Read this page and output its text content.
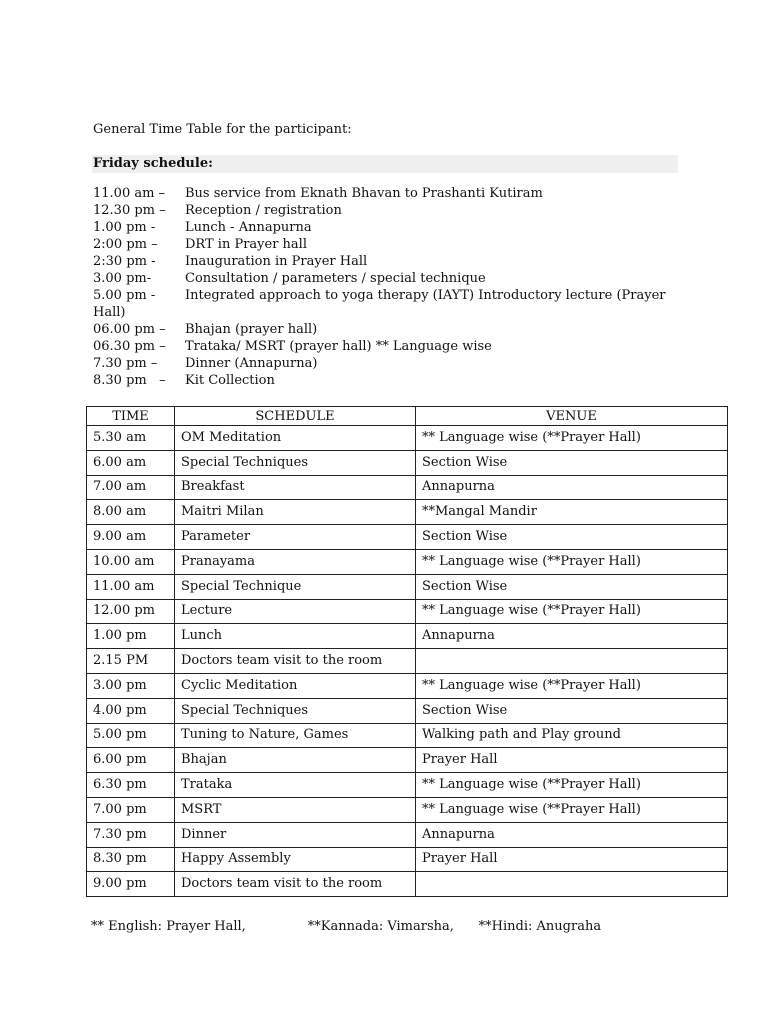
General Time Table for the participant:
Friday schedule:
11.00 am –	Bus service from Eknath Bhavan to Prashanti Kutiram
12.30 pm –	Reception / registration
1.00 pm -	Lunch - Annapurna
2:00 pm –	DRT in Prayer hall
2:30 pm -	Inauguration in Prayer Hall
3.00 pm-	Consultation / parameters / special technique
5.00 pm -	Integrated approach to yoga therapy (IAYT) Introductory lecture (Prayer Hall)
06.00 pm –	Bhajan (prayer hall)
06.30 pm –	Trataka/ MSRT (prayer hall) ** Language wise
7.30 pm –	Dinner (Annapurna)
8.30 pm   –	Kit Collection
TIME	SCHEDULE	VENUE
5.30 am	OM Meditation	** Language wise (**Prayer Hall)
6.00 am	Special Techniques	Section Wise
7.00 am	Breakfast	Annapurna
8.00 am	Maitri Milan	**Mangal Mandir
9.00 am	Parameter	Section Wise
10.00 am	Pranayama	** Language wise (**Prayer Hall)
11.00 am	Special Technique	Section Wise
12.00 pm	Lecture	** Language wise (**Prayer Hall)
1.00 pm	Lunch	Annapurna
2.15 PM	Doctors team visit to the room	
3.00 pm	Cyclic Meditation	** Language wise (**Prayer Hall)
4.00 pm	Special Techniques	Section Wise
5.00 pm	Tuning to Nature, Games	Walking path and Play ground
6.00 pm	Bhajan	Prayer Hall
6.30 pm	Trataka	** Language wise (**Prayer Hall)
7.00 pm	MSRT	** Language wise (**Prayer Hall)
7.30 pm	Dinner	Annapurna
8.30 pm	Happy Assembly	Prayer Hall
9.00 pm	Doctors team visit to the room	
** English: Prayer Hall,               **Kannada: Vimarsha,      **Hindi: Anugraha
